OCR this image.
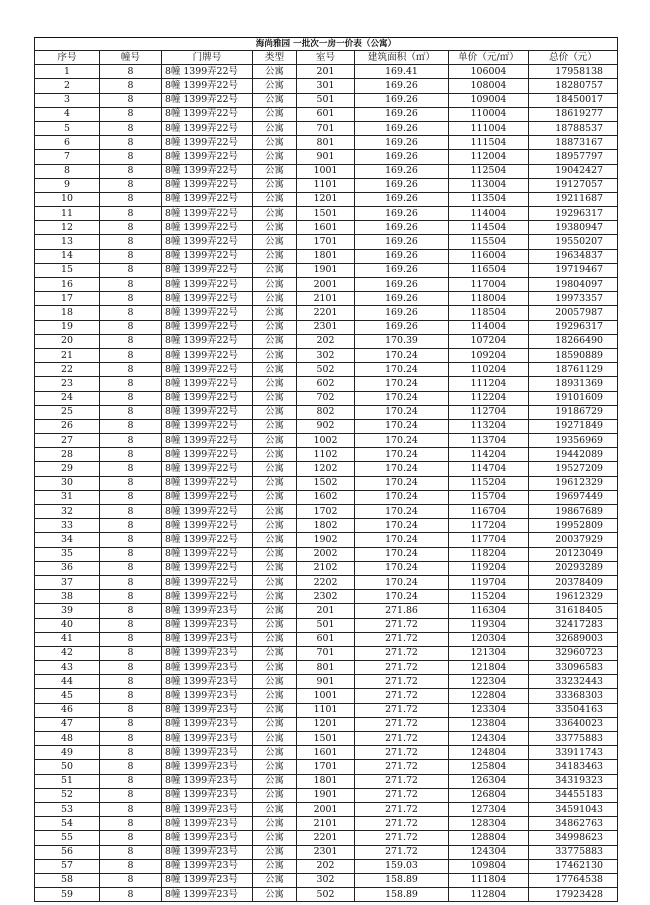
海尚雅园 一批次一房一价表（公寓）							
序号	幢号	门牌号	类型	室号	建筑面积（㎡）	单价（元/㎡）	总价（元）
1	8	8幢 1399弄22号	公寓	201	169.41	106004	17958138
2	8	8幢 1399弄22号	公寓	301	169.26	108004	18280757
3	8	8幢 1399弄22号	公寓	501	169.26	109004	18450017
4	8	8幢 1399弄22号	公寓	601	169.26	110004	18619277
5	8	8幢 1399弄22号	公寓	701	169.26	111004	18788537
6	8	8幢 1399弄22号	公寓	801	169.26	111504	18873167
7	8	8幢 1399弄22号	公寓	901	169.26	112004	18957797
8	8	8幢 1399弄22号	公寓	1001	169.26	112504	19042427
9	8	8幢 1399弄22号	公寓	1101	169.26	113004	19127057
10	8	8幢 1399弄22号	公寓	1201	169.26	113504	19211687
11	8	8幢 1399弄22号	公寓	1501	169.26	114004	19296317
12	8	8幢 1399弄22号	公寓	1601	169.26	114504	19380947
13	8	8幢 1399弄22号	公寓	1701	169.26	115504	19550207
14	8	8幢 1399弄22号	公寓	1801	169.26	116004	19634837
15	8	8幢 1399弄22号	公寓	1901	169.26	116504	19719467
16	8	8幢 1399弄22号	公寓	2001	169.26	117004	19804097
17	8	8幢 1399弄22号	公寓	2101	169.26	118004	19973357
18	8	8幢 1399弄22号	公寓	2201	169.26	118504	20057987
19	8	8幢 1399弄22号	公寓	2301	169.26	114004	19296317
20	8	8幢 1399弄22号	公寓	202	170.39	107204	18266490
21	8	8幢 1399弄22号	公寓	302	170.24	109204	18590889
22	8	8幢 1399弄22号	公寓	502	170.24	110204	18761129
23	8	8幢 1399弄22号	公寓	602	170.24	111204	18931369
24	8	8幢 1399弄22号	公寓	702	170.24	112204	19101609
25	8	8幢 1399弄22号	公寓	802	170.24	112704	19186729
26	8	8幢 1399弄22号	公寓	902	170.24	113204	19271849
27	8	8幢 1399弄22号	公寓	1002	170.24	113704	19356969
28	8	8幢 1399弄22号	公寓	1102	170.24	114204	19442089
29	8	8幢 1399弄22号	公寓	1202	170.24	114704	19527209
30	8	8幢 1399弄22号	公寓	1502	170.24	115204	19612329
31	8	8幢 1399弄22号	公寓	1602	170.24	115704	19697449
32	8	8幢 1399弄22号	公寓	1702	170.24	116704	19867689
33	8	8幢 1399弄22号	公寓	1802	170.24	117204	19952809
34	8	8幢 1399弄22号	公寓	1902	170.24	117704	20037929
35	8	8幢 1399弄22号	公寓	2002	170.24	118204	20123049
36	8	8幢 1399弄22号	公寓	2102	170.24	119204	20293289
37	8	8幢 1399弄22号	公寓	2202	170.24	119704	20378409
38	8	8幢 1399弄22号	公寓	2302	170.24	115204	19612329
39	8	8幢 1399弄23号	公寓	201	271.86	116304	31618405
40	8	8幢 1399弄23号	公寓	501	271.72	119304	32417283
41	8	8幢 1399弄23号	公寓	601	271.72	120304	32689003
42	8	8幢 1399弄23号	公寓	701	271.72	121304	32960723
43	8	8幢 1399弄23号	公寓	801	271.72	121804	33096583
44	8	8幢 1399弄23号	公寓	901	271.72	122304	33232443
45	8	8幢 1399弄23号	公寓	1001	271.72	122804	33368303
46	8	8幢 1399弄23号	公寓	1101	271.72	123304	33504163
47	8	8幢 1399弄23号	公寓	1201	271.72	123804	33640023
48	8	8幢 1399弄23号	公寓	1501	271.72	124304	33775883
49	8	8幢 1399弄23号	公寓	1601	271.72	124804	33911743
50	8	8幢 1399弄23号	公寓	1701	271.72	125804	34183463
51	8	8幢 1399弄23号	公寓	1801	271.72	126304	34319323
52	8	8幢 1399弄23号	公寓	1901	271.72	126804	34455183
53	8	8幢 1399弄23号	公寓	2001	271.72	127304	34591043
54	8	8幢 1399弄23号	公寓	2101	271.72	128304	34862763
55	8	8幢 1399弄23号	公寓	2201	271.72	128804	34998623
56	8	8幢 1399弄23号	公寓	2301	271.72	124304	33775883
57	8	8幢 1399弄23号	公寓	202	159.03	109804	17462130
58	8	8幢 1399弄23号	公寓	302	158.89	111804	17764538
59	8	8幢 1399弄23号	公寓	502	158.89	112804	17923428
